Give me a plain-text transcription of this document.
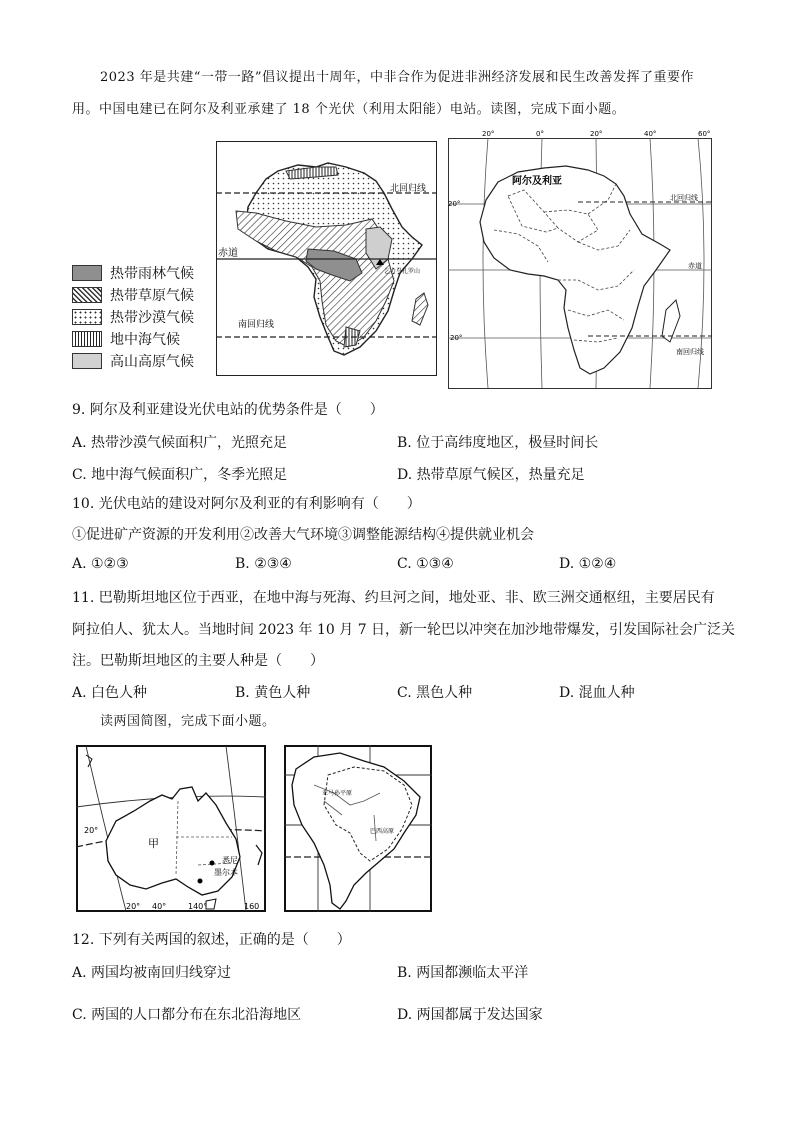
2023 年是共建“一带一路”倡议提出十周年，中非合作为促进非洲经济发展和民生改善发挥了重要作
用。中国电建已在阿尔及利亚承建了 18 个光伏（利用太阳能）电站。读图，完成下面小题。
北回归线
赤道
南回归线
乞力马扎罗山
热带雨林气候
热带草原气候
热带沙漠气候
地中海气候
高山高原气候
阿尔及利亚
北回归线
赤道
南回归线
20°	0°	20°	40°	60°
20°
20°
9. 阿尔及利亚建设光伏电站的优势条件是（　　）
A. 热带沙漠气候面积广，光照充足	B. 位于高纬度地区，极昼时间长
C. 地中海气候面积广，冬季光照足	D. 热带草原气候区，热量充足
10. 光伏电站的建设对阿尔及利亚的有利影响有（　　）
①促进矿产资源的开发利用②改善大气环境③调整能源结构④提供就业机会
A. ①②③	B. ②③④	C. ①③④	D. ①②④
11. 巴勒斯坦地区位于西亚，在地中海与死海、约旦河之间，地处亚、非、欧三洲交通枢纽，主要居民有
阿拉伯人、犹太人。当地时间 2023 年 10 月 7 日，新一轮巴以冲突在加沙地带爆发，引发国际社会广泛关
注。巴勒斯坦地区的主要人种是（　　）
A. 白色人种	B. 黄色人种	C. 黑色人种	D. 混血人种
读两国简图，完成下面小题。
甲
悉尼
墨尔本
20°
20° 40°	140°	160
亚马孙平原
巴西高原
12. 下列有关两国的叙述，正确的是（　　）
A. 两国均被南回归线穿过	B. 两国都濒临太平洋
C. 两国的人口都分布在东北沿海地区	D. 两国都属于发达国家
